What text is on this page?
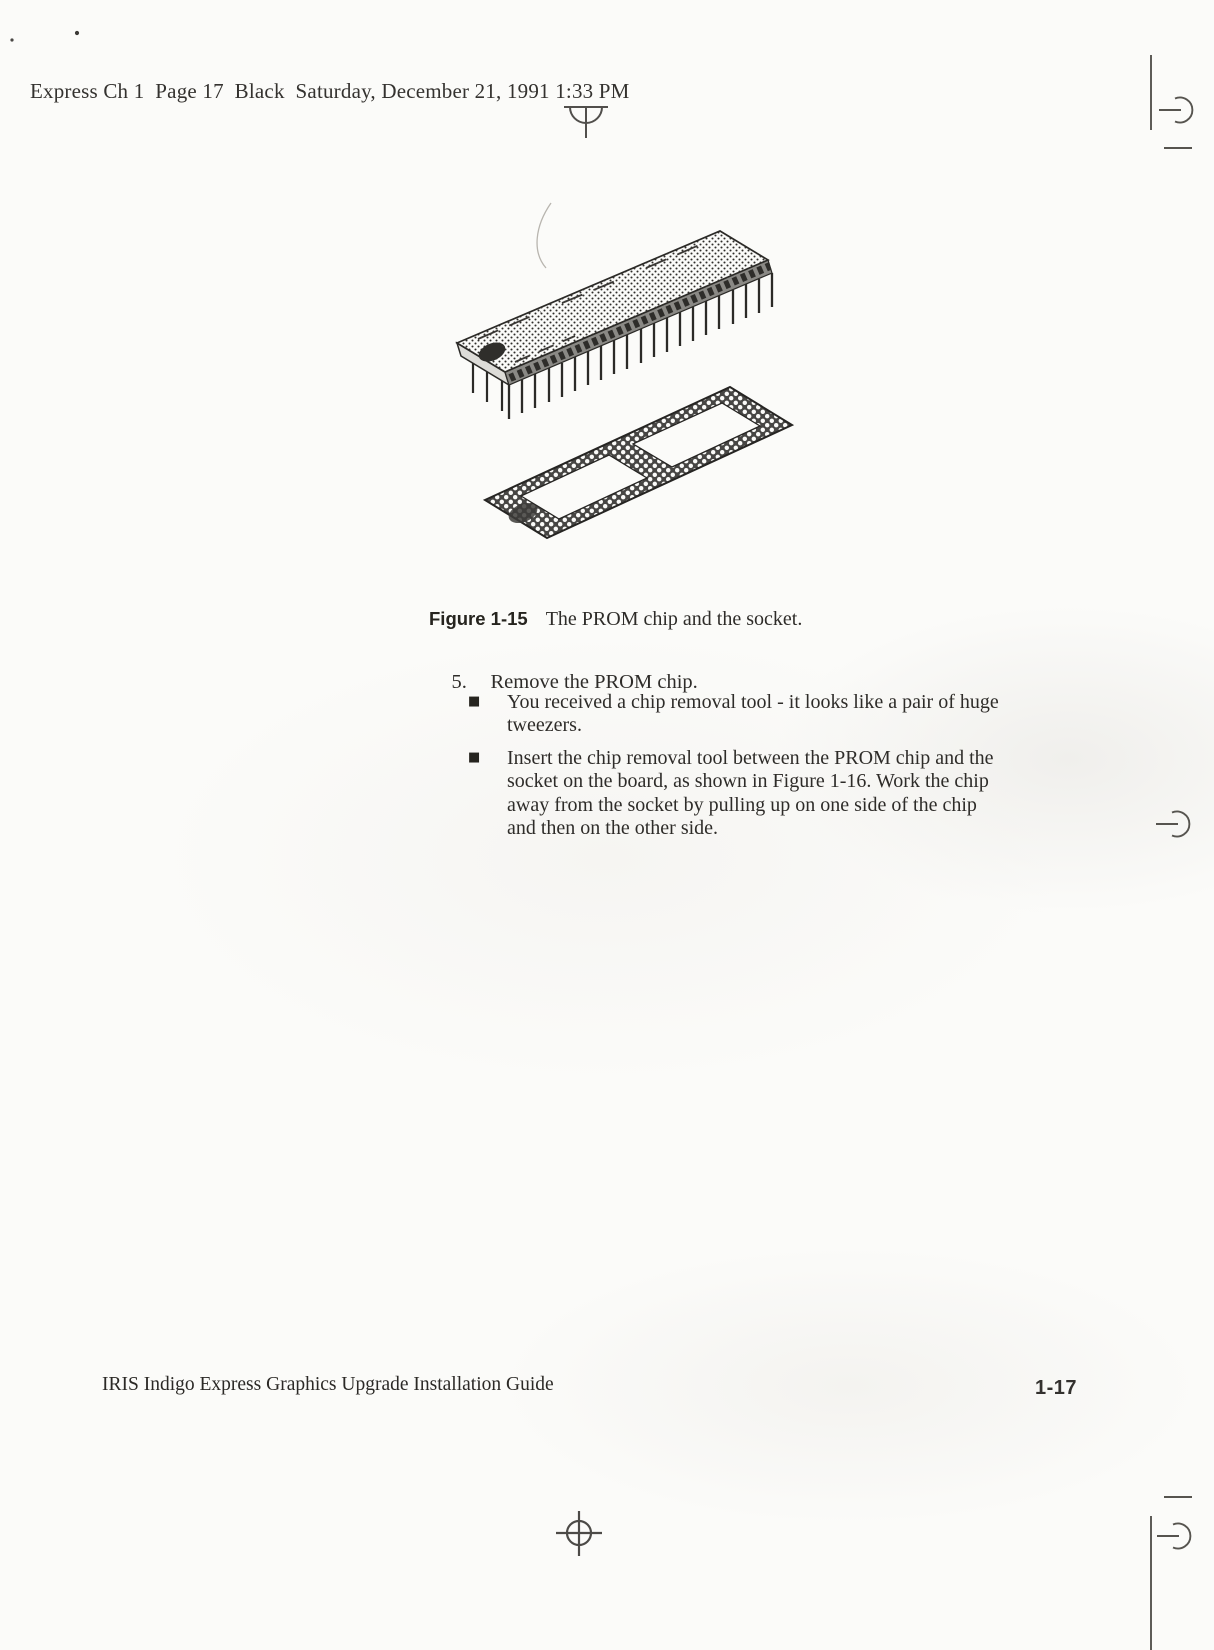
Express Ch 1  Page 17  Black  Saturday, December 21, 1991 1:33 PM
Figure 1-15 The PROM chip and the socket.

5. Remove the PROM chip.

■ You received a chip removal tool - it looks like a pair of huge
tweezers.
■ Insert the chip removal tool between the PROM chip and the
socket on the board, as shown in Figure 1-16. Work the chip
away from the socket by pulling up on one side of the chip
and then on the other side.
IRIS Indigo Express Graphics Upgrade Installation Guide	1-17
